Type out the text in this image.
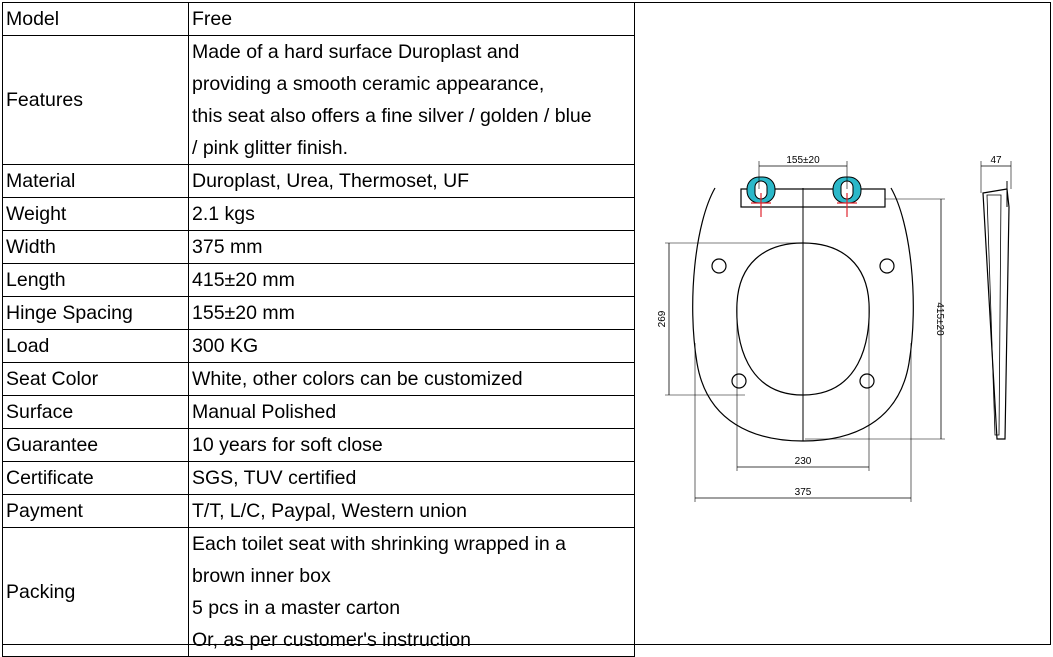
Model	Free

Features	Made of a hard surface Duroplast and
providing a smooth ceramic appearance,
this seat also offers a fine silver / golden / blue
/ pink glitter finish.

Material	Duroplast, Urea, Thermoset, UF

Weight	2.1 kgs

Width	375 mm

Length	415±20 mm

Hinge Spacing	155±20 mm

Load	300 KG

Seat Color	White, other colors can be customized

Surface	Manual Polished

Guarantee	10 years for soft close

Certificate	SGS, TUV certified

Payment	T/T, L/C, Paypal, Western union

Packing	Each toilet seat with shrinking wrapped in a
brown inner box
5 pcs in a master carton
Or, as per customer's instruction
155±20
269	415±20
230
375
47
